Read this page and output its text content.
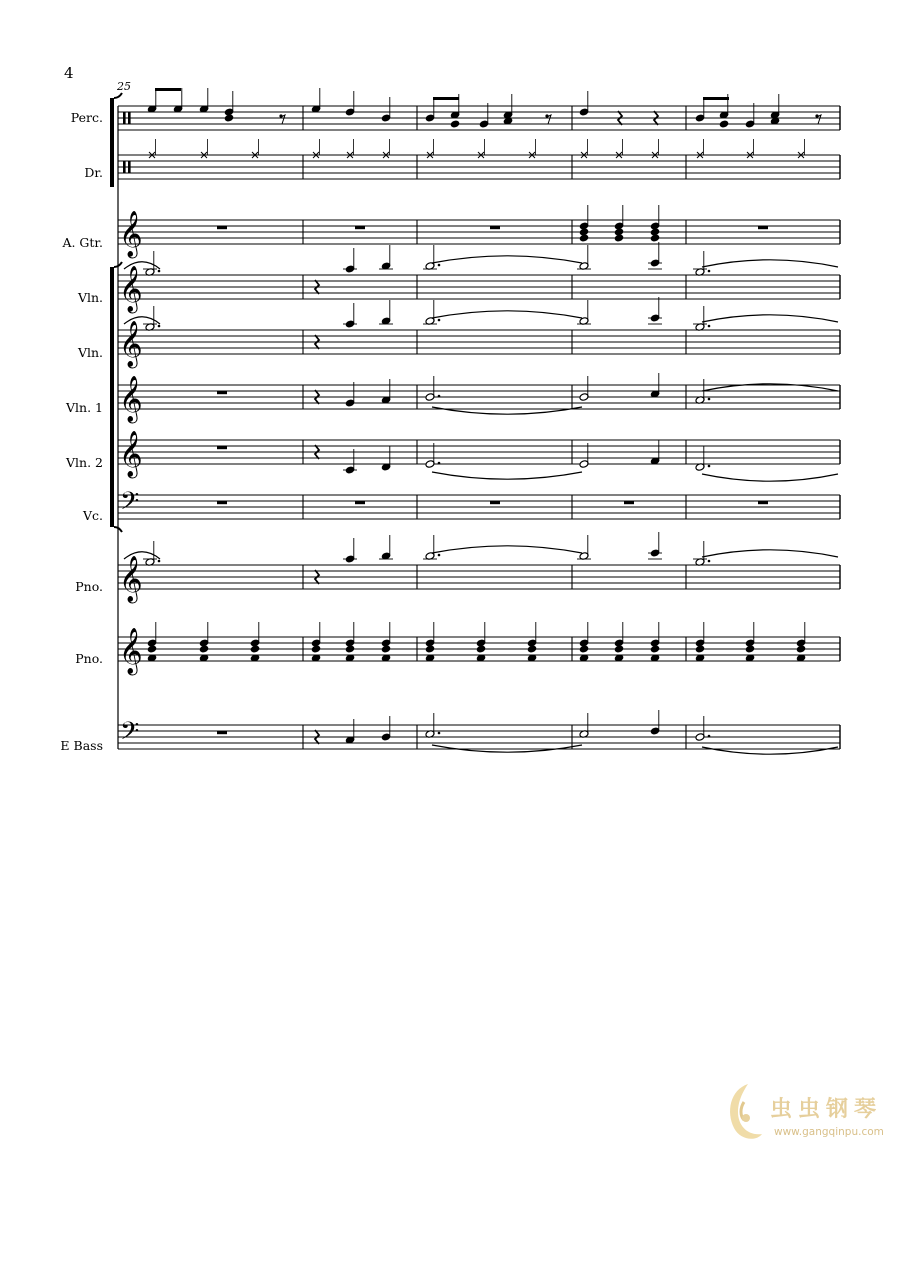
4
25
Perc.
Dr.
A. Gtr.
Vln.
Vln.
Vln. 1
Vln. 2
Vc.
Pno.
Pno.
E Bass
𝄞
𝄞
𝄞
𝄞
𝄞
𝄞
𝄞
𝄢
𝄢
虫虫钢琴
www.gangqinpu.com
